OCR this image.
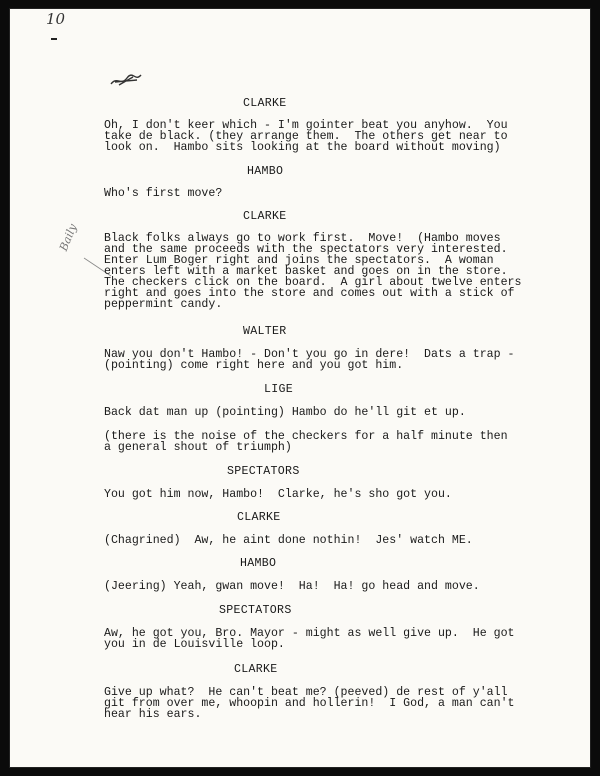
10
Baily

CLARKE

Oh, I don't keer which - I'm gointer beat you anyhow.  You

take de black. (they arrange them.  The others get near to

look on.  Hambo sits looking at the board without moving)

HAMBO

Who's first move?

CLARKE

Black folks always go to work first.  Move!  (Hambo moves

and the same proceeds with the spectators very interested.

Enter Lum Boger right and joins the spectators.  A woman

enters left with a market basket and goes on in the store.

The checkers click on the board.  A girl about twelve enters

right and goes into the store and comes out with a stick of

peppermint candy.

WALTER

Naw you don't Hambo! - Don't you go in dere!  Dats a trap -

(pointing) come right here and you got him.

LIGE

Back dat man up (pointing) Hambo do he'll git et up.

(there is the noise of the checkers for a half minute then

a general shout of triumph)

SPECTATORS

You got him now, Hambo!  Clarke, he's sho got you.

CLARKE

(Chagrined)  Aw, he aint done nothin!  Jes' watch ME.

HAMBO

(Jeering) Yeah, gwan move!  Ha!  Ha! go head and move.

SPECTATORS

Aw, he got you, Bro. Mayor - might as well give up.  He got

you in de Louisville loop.

CLARKE

Give up what?  He can't beat me? (peeved) de rest of y'all

git from over me, whoopin and hollerin!  I God, a man can't

hear his ears.
